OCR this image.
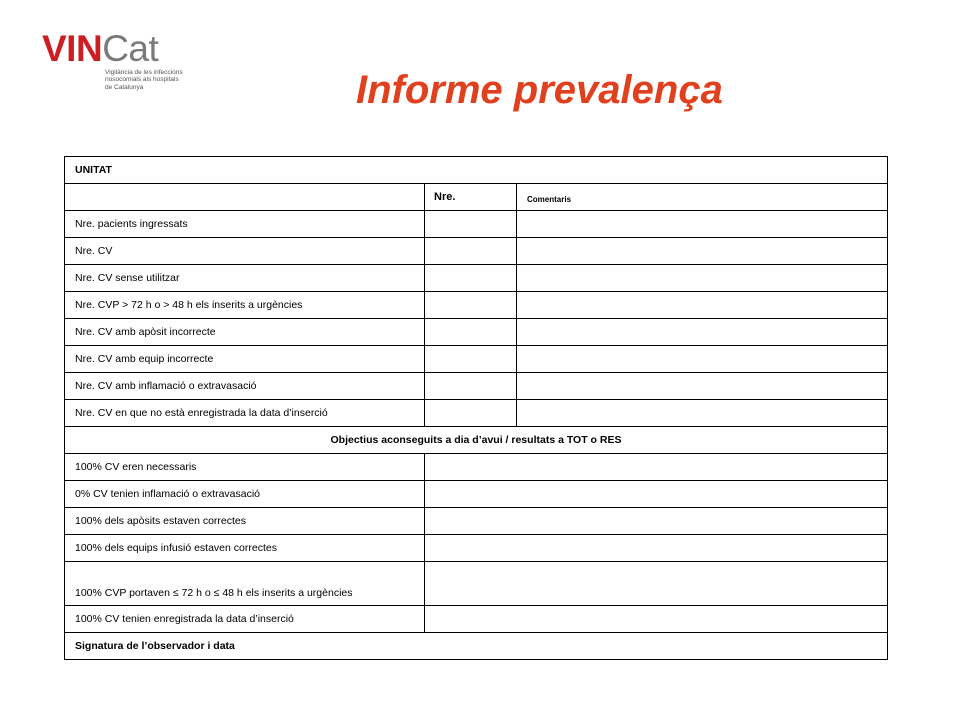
VINCat
Vigilància de les infeccions
nosocomials als hospitals
de Catalunya	Informe prevalença
UNITAT
Nre.	Comentaris
Nre. pacients ingressats
Nre. CV
Nre. CV sense utilitzar
Nre. CVP > 72 h o > 48 h els inserits a urgències
Nre. CV amb apòsit incorrecte
Nre. CV amb equip incorrecte
Nre. CV amb inflamació o extravasació
Nre. CV en que no està enregistrada la data d’inserció
Objectius aconseguits a dia d’avui / resultats a TOT o RES
100% CV eren necessaris
0% CV tenien inflamació o extravasació
100% dels apòsits estaven correctes
100% dels equips infusió estaven correctes
100% CVP portaven ≤ 72 h o ≤ 48 h els inserits a urgències
100% CV tenien enregistrada la data d’inserció
Signatura de l’observador i data
